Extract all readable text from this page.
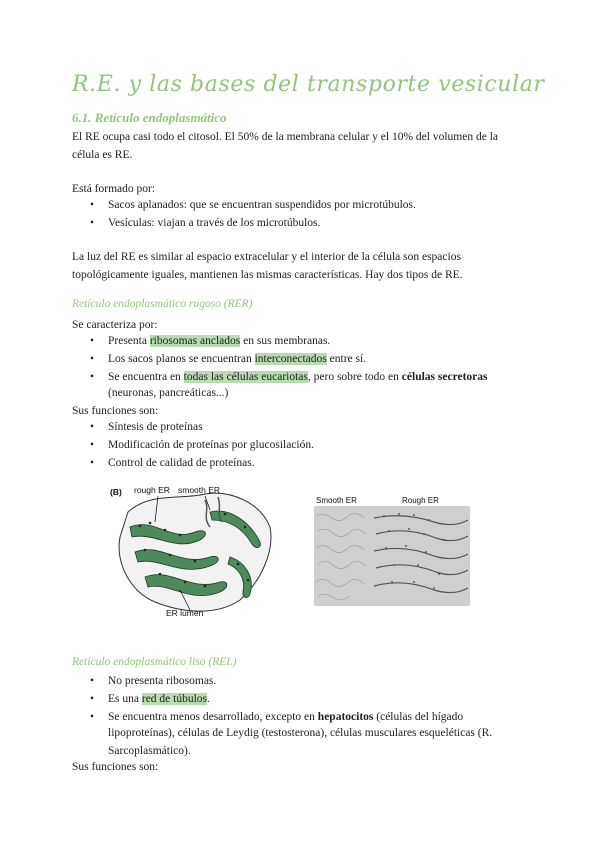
R.E. y las bases del transporte vesicular
6.1. Retículo endoplasmático
El RE ocupa casi todo el citosol. El 50% de la membrana celular y el 10% del volumen de la
célula es RE.
Está formado por:
• Sacos aplanados: que se encuentran suspendidos por microtúbulos.
• Vesículas: viajan a través de los microtúbulos.
La luz del RE es similar al espacio extracelular y el interior de la célula son espacios
topológicamente iguales, mantienen las mismas características. Hay dos tipos de RE.
Retículo endoplasmático rugoso (RER)
Se caracteriza por:
• Presenta ribosomas anclados en sus membranas.
• Los sacos planos se encuentran interconectados entre sí.
• Se encuentra en todas las células eucariotas, pero sobre todo en células secretoras
(neuronas, pancreáticas...)
Sus funciones son:
• Síntesis de proteínas
• Modificación de proteínas por glucosilación.
• Control de calidad de proteínas.
(B) rough ER smooth ER
ER lumen
Smooth ER	Rough ER
Retículo endoplasmático liso (REL)
• No presenta ribosomas.
• Es una red de túbulos.
• Se encuentra menos desarrollado, excepto en hepatocitos (células del hígado
lipoproteínas), células de Leydig (testosterona), células musculares esqueléticas (R.
Sarcoplasmático).
Sus funciones son:
